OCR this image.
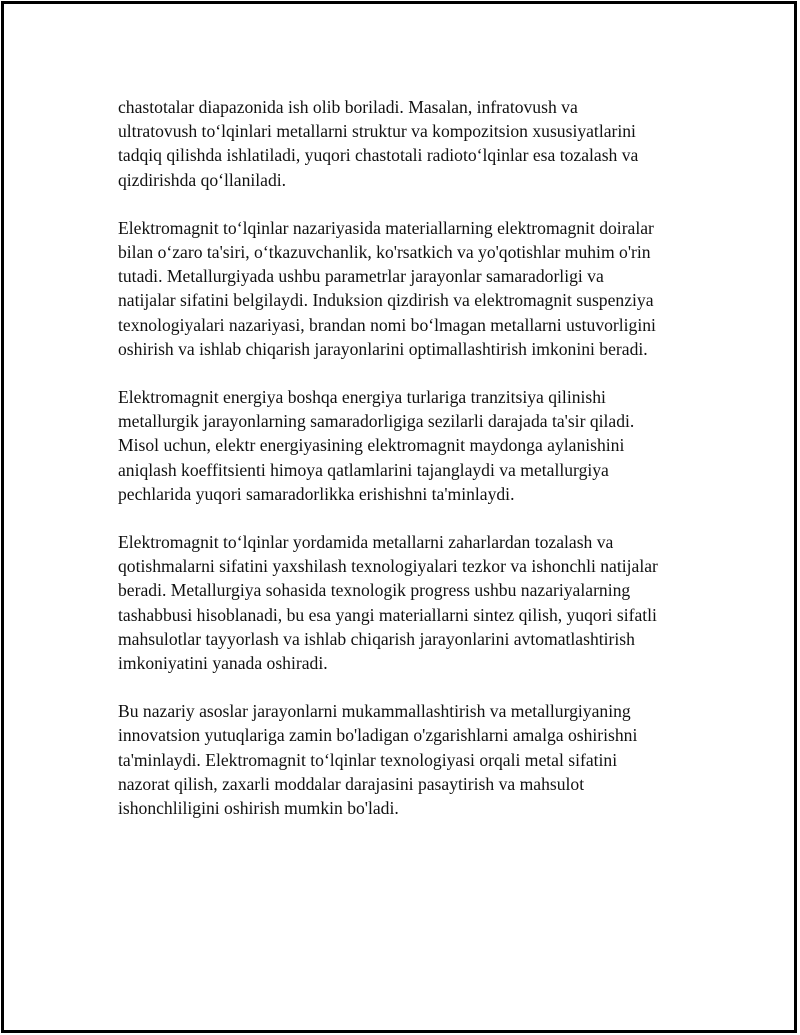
chastotalar diapazonida ish olib boriladi. Masalan, infratovush va
ultratovush to‘lqinlari metallarni struktur va kompozitsion xususiyatlarini
tadqiq qilishda ishlatiladi, yuqori chastotali radioto‘lqinlar esa tozalash va
qizdirishda qo‘llaniladi.

Elektromagnit to‘lqinlar nazariyasida materiallarning elektromagnit doiralar
bilan o‘zaro ta'siri, o‘tkazuvchanlik, ko'rsatkich va yo'qotishlar muhim o'rin
tutadi. Metallurgiyada ushbu parametrlar jarayonlar samaradorligi va
natijalar sifatini belgilaydi. Induksion qizdirish va elektromagnit suspenziya
texnologiyalari nazariyasi, brandan nomi bo‘lmagan metallarni ustuvorligini
oshirish va ishlab chiqarish jarayonlarini optimallashtirish imkonini beradi.

Elektromagnit energiya boshqa energiya turlariga tranzitsiya qilinishi
metallurgik jarayonlarning samaradorligiga sezilarli darajada ta'sir qiladi.
Misol uchun, elektr energiyasining elektromagnit maydonga aylanishini
aniqlash koeffitsienti himoya qatlamlarini tajanglaydi va metallurgiya
pechlarida yuqori samaradorlikka erishishni ta'minlaydi.

Elektromagnit to‘lqinlar yordamida metallarni zaharlardan tozalash va
qotishmalarni sifatini yaxshilash texnologiyalari tezkor va ishonchli natijalar
beradi. Metallurgiya sohasida texnologik progress ushbu nazariyalarning
tashabbusi hisoblanadi, bu esa yangi materiallarni sintez qilish, yuqori sifatli
mahsulotlar tayyorlash va ishlab chiqarish jarayonlarini avtomatlashtirish
imkoniyatini yanada oshiradi.

Bu nazariy asoslar jarayonlarni mukammallashtirish va metallurgiyaning
innovatsion yutuqlariga zamin bo'ladigan o'zgarishlarni amalga oshirishni
ta'minlaydi. Elektromagnit to‘lqinlar texnologiyasi orqali metal sifatini
nazorat qilish, zaxarli moddalar darajasini pasaytirish va mahsulot
ishonchliligini oshirish mumkin bo'ladi.
